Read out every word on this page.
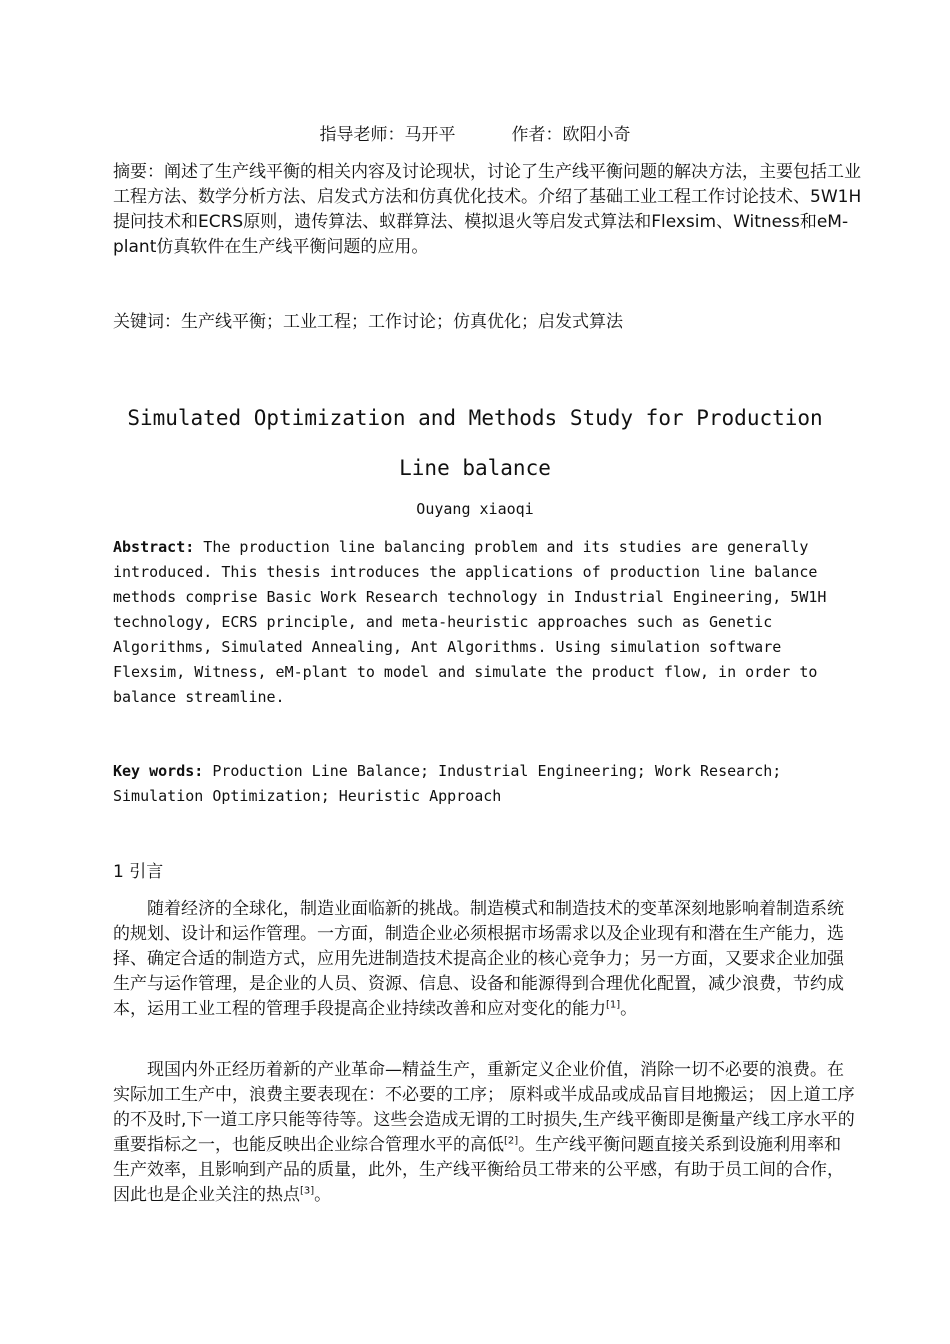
指导老师：马开平	作者：欧阳小奇

摘要：阐述了生产线平衡的相关内容及讨论现状，讨论了生产线平衡问题的解决方法，主要包括工业工程方法、数学分析方法、启发式方法和仿真优化技术。介绍了基础工业工程工作讨论技术、5W1H提问技术和ECRS原则，遗传算法、蚁群算法、模拟退火等启发式算法和Flexsim、Witness和eM-plant仿真软件在生产线平衡问题的应用。

关键词：生产线平衡；工业工程；工作讨论；仿真优化；启发式算法

Simulated Optimization and Methods Study for Production
Line balance
Ouyang xiaoqi

Abstract: The production line balancing problem and its studies are generally introduced. This thesis introduces the applications of production line balance methods comprise Basic Work Research technology in Industrial Engineering, 5W1H technology, ECRS principle, and meta-heuristic approaches such as Genetic Algorithms, Simulated Annealing, Ant Algorithms. Using simulation software Flexsim, Witness, eM-plant to model and simulate the product flow, in order to balance streamline.

Key words: Production Line Balance; Industrial Engineering; Work Research; Simulation Optimization; Heuristic Approach

1 引言

随着经济的全球化，制造业面临新的挑战。制造模式和制造技术的变革深刻地影响着制造系统的规划、设计和运作管理。一方面，制造企业必须根据市场需求以及企业现有和潜在生产能力，选择、确定合适的制造方式，应用先进制造技术提高企业的核心竞争力；另一方面，又要求企业加强生产与运作管理，是企业的人员、资源、信息、设备和能源得到合理优化配置，减少浪费，节约成本，运用工业工程的管理手段提高企业持续改善和应对变化的能力[1]。

现国内外正经历着新的产业革命—精益生产，重新定义企业价值，消除一切不必要的浪费。在实际加工生产中，浪费主要表现在：不必要的工序； 原料或半成品或成品盲目地搬运； 因上道工序的不及时,下一道工序只能等待等。这些会造成无谓的工时损失,生产线平衡即是衡量产线工序水平的重要指标之一，也能反映出企业综合管理水平的高低[2]。生产线平衡问题直接关系到设施利用率和生产效率，且影响到产品的质量，此外，生产线平衡给员工带来的公平感，有助于员工间的合作，因此也是企业关注的热点[3]。
